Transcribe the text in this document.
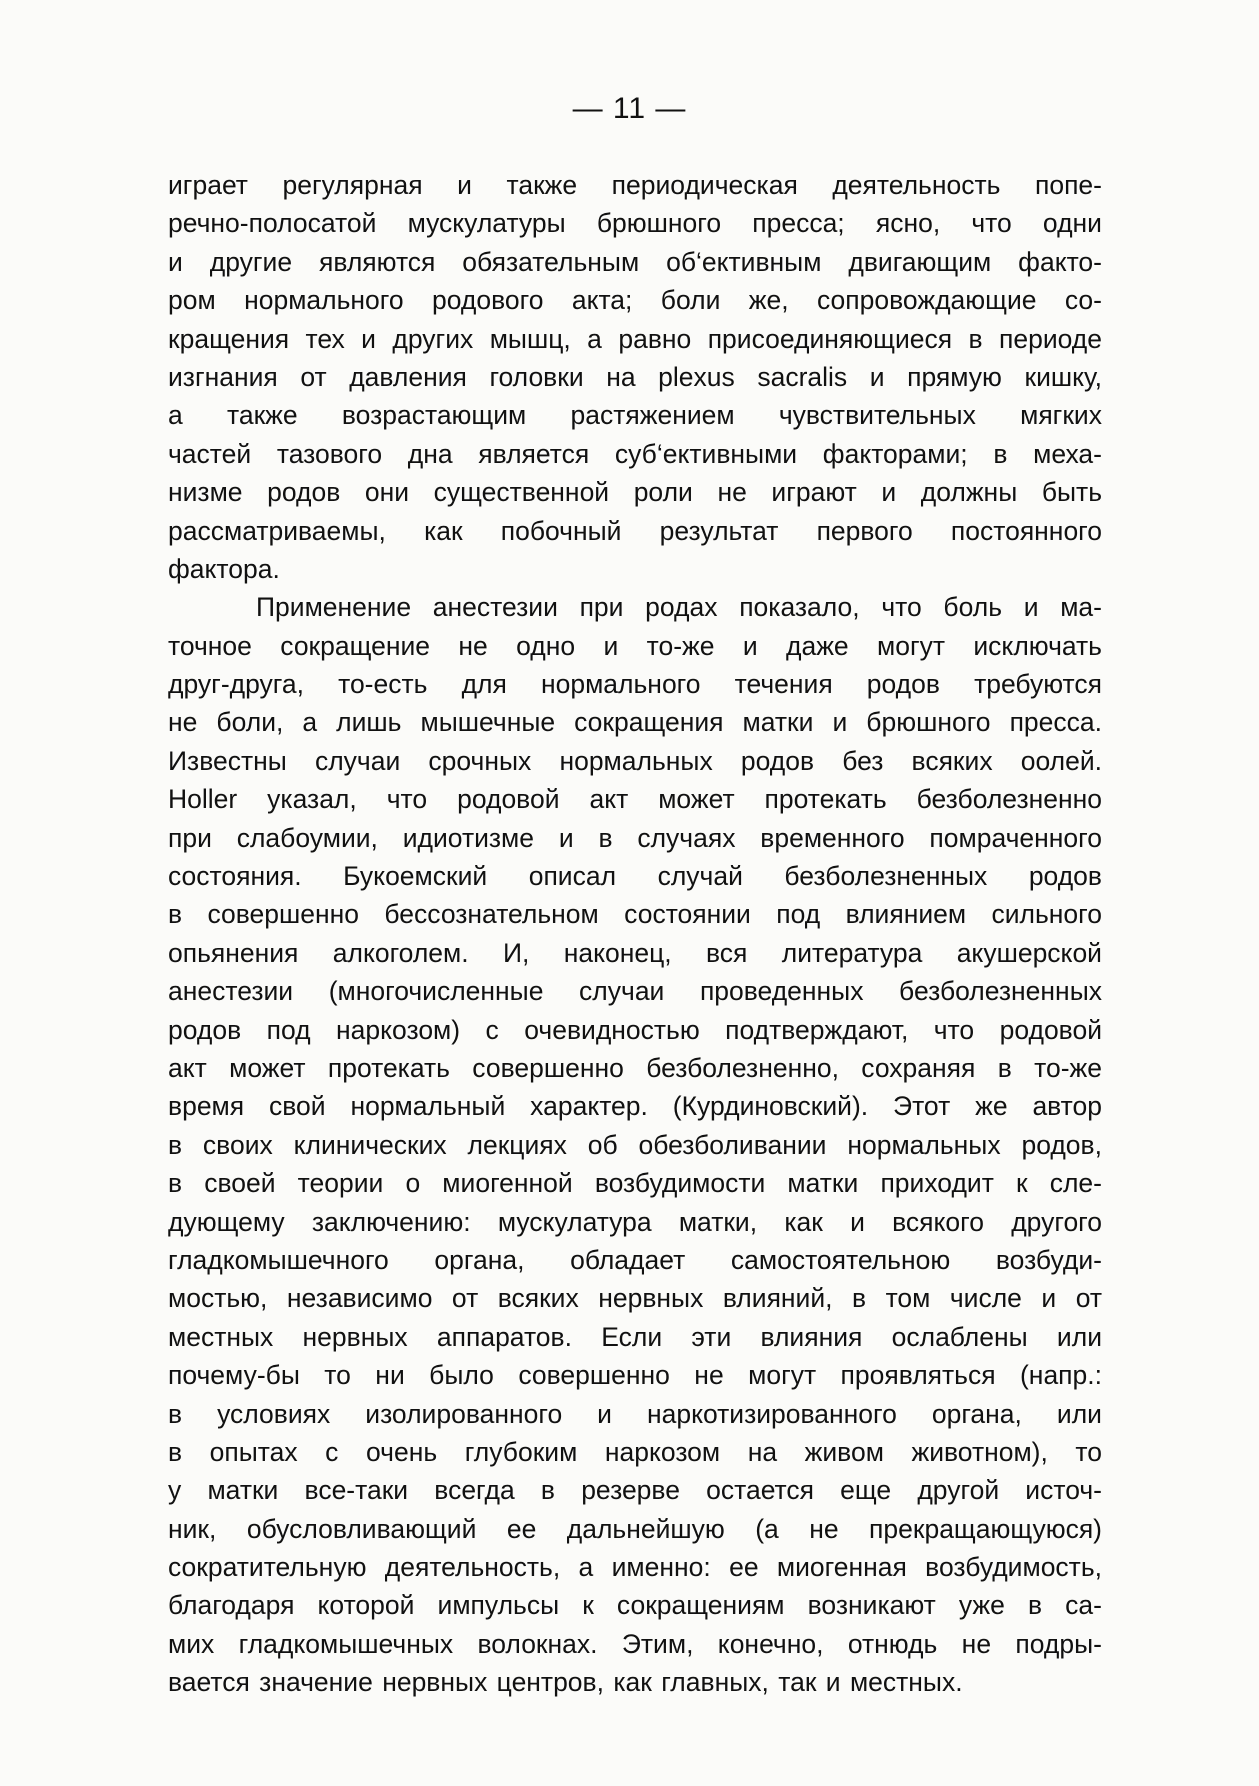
— 11 —
играет регулярная и также периодическая деятельность попе-
речно-полосатой мускулатуры брюшного пресса; ясно, что одни
и другие являются обязательным об‘ективным двигающим факто-
ром нормального родового акта; боли же, сопровождающие со-
кращения тех и других мышц, а равно присоединяющиеся в периоде
изгнания от давления головки на plexus sacralis и прямую кишку,
а также возрастающим растяжением чувствительных мягких
частей тазового дна является суб‘ективными факторами; в меха-
низме родов они существенной роли не играют и должны быть
рассматриваемы, как побочный результат первого постоянного
фактора.
Применение анестезии при родах показало, что боль и ма-
точное сокращение не одно и то-же и даже могут исключать
друг-друга, то-есть для нормального течения родов требуются
не боли, а лишь мышечные сокращения матки и брюшного пресса.
Известны случаи срочных нормальных родов без всяких оолей.
Holler указал, что родовой акт может протекать безболезненно
при слабоумии, идиотизме и в случаях временного помраченного
состояния. Букоемский описал случай безболезненных родов
в совершенно бессознательном состоянии под влиянием сильного
опьянения алкоголем. И, наконец, вся литература акушерской
анестезии (многочисленные случаи проведенных безболезненных
родов под наркозом) с очевидностью подтверждают, что родовой
акт может протекать совершенно безболезненно, сохраняя в то-же
время свой нормальный характер. (Курдиновский). Этот же автор
в своих клинических лекциях об обезболивании нормальных родов,
в своей теории о миогенной возбудимости матки приходит к сле-
дующему заключению: мускулатура матки, как и всякого другого
гладкомышечного органа, обладает самостоятельною возбуди-
мостью, независимо от всяких нервных влияний, в том числе и от
местных нервных аппаратов. Если эти влияния ослаблены или
почему-бы то ни было совершенно не могут проявляться (напр.:
в условиях изолированного и наркотизированного органа, или
в опытах с очень глубоким наркозом на живом животном), то
у матки все-таки всегда в резерве остается еще другой источ-
ник, обусловливающий ее дальнейшую (а не прекращающуюся)
сократительную деятельность, а именно: ее миогенная возбудимость,
благодаря которой импульсы к сокращениям возникают уже в са-
мих гладкомышечных волокнах. Этим, конечно, отнюдь не подры-
вается значение нервных центров, как главных, так и местных.
